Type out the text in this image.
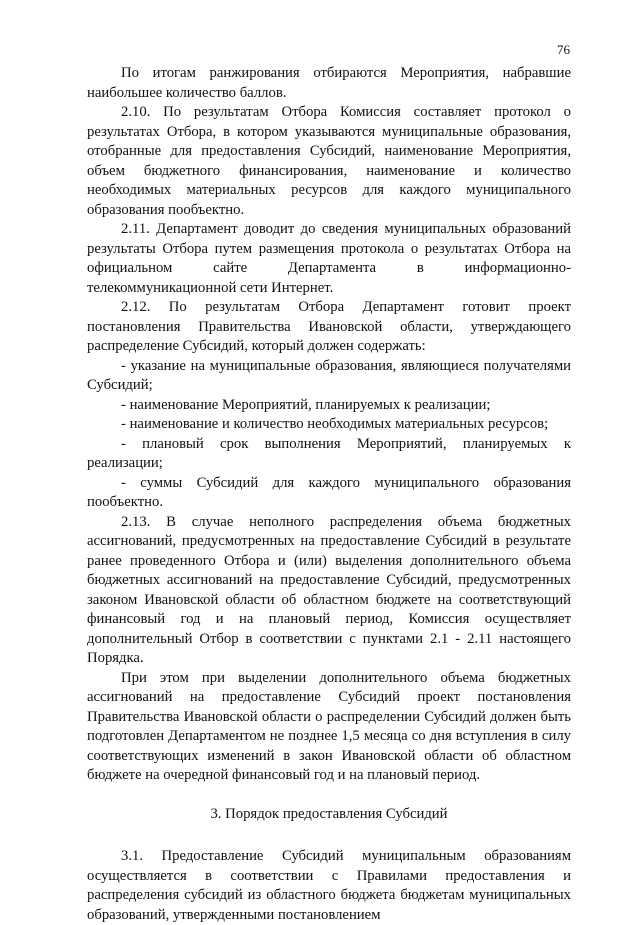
76

По итогам ранжирования отбираются Мероприятия, набравшие наибольшее количество баллов.

2.10. По результатам Отбора Комиссия составляет протокол о результатах Отбора, в котором указываются муниципальные образования, отобранные для предоставления Субсидий, наименование Мероприятия, объем бюджетного финансирования, наименование и количество необходимых материальных ресурсов для каждого муниципального образования пообъектно.

2.11. Департамент доводит до сведения муниципальных образований результаты Отбора путем размещения протокола о результатах Отбора на официальном сайте Департамента в информационно-телекоммуникационной сети Интернет.

2.12. По результатам Отбора Департамент готовит проект постановления Правительства Ивановской области, утверждающего распределение Субсидий, который должен содержать:

- указание на муниципальные образования, являющиеся получателями Субсидий;

- наименование Мероприятий, планируемых к реализации;

- наименование и количество необходимых материальных ресурсов;

- плановый срок выполнения Мероприятий, планируемых к реализации;

- суммы Субсидий для каждого муниципального образования пообъектно.

2.13. В случае неполного распределения объема бюджетных ассигнований, предусмотренных на предоставление Субсидий в результате ранее проведенного Отбора и (или) выделения дополнительного объема бюджетных ассигнований на предоставление Субсидий, предусмотренных законом Ивановской области об областном бюджете на соответствующий финансовый год и на плановый период, Комиссия осуществляет дополнительный Отбор в соответствии с пунктами 2.1 - 2.11 настоящего Порядка.

При этом при выделении дополнительного объема бюджетных ассигнований на предоставление Субсидий проект постановления Правительства Ивановской области о распределении Субсидий должен быть подготовлен Департаментом не позднее 1,5 месяца со дня вступления в силу соответствующих изменений в закон Ивановской области об областном бюджете на очередной финансовый год и на плановый период.

3. Порядок предоставления Субсидий

3.1. Предоставление Субсидий муниципальным образованиям осуществляется в соответствии с Правилами предоставления и распределения субсидий из областного бюджета бюджетам муниципальных образований, утвержденными постановлением
